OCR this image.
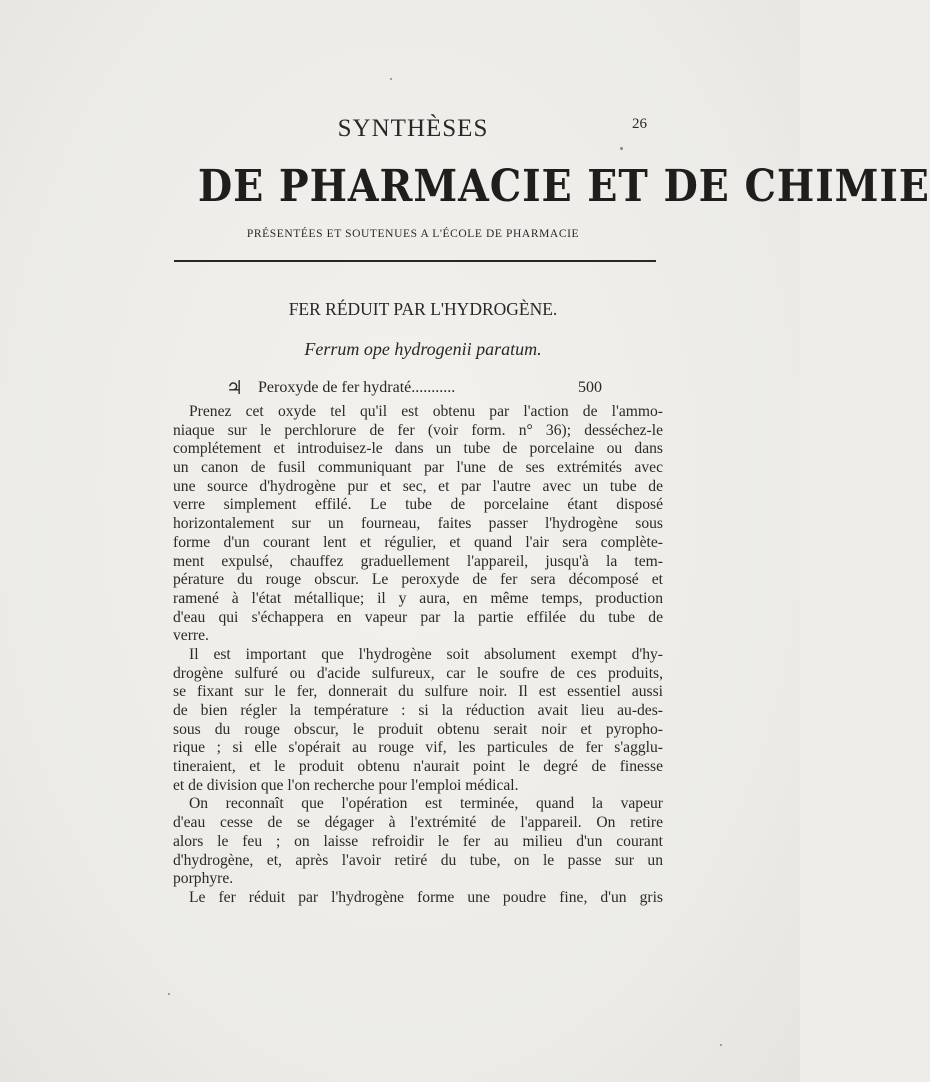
SYNTHÈSES	26
DE PHARMACIE ET DE CHIMIE
PRÉSENTÉES ET SOUTENUES A L'ÉCOLE DE PHARMACIE
FER RÉDUIT PAR L'HYDROGÈNE.
Ferrum ope hydrogenii paratum.
♃ Peroxyde de fer hydraté...........	500
Prenez cet oxyde tel qu'il est obtenu par l'action de l'ammo-
niaque sur le perchlorure de fer (voir form. n° 36); desséchez-le
complétement et introduisez-le dans un tube de porcelaine ou dans
un canon de fusil communiquant par l'une de ses extrémités avec
une source d'hydrogène pur et sec, et par l'autre avec un tube de
verre simplement effilé. Le tube de porcelaine étant disposé
horizontalement sur un fourneau, faites passer l'hydrogène sous
forme d'un courant lent et régulier, et quand l'air sera complète-
ment expulsé, chauffez graduellement l'appareil, jusqu'à la tem-
pérature du rouge obscur. Le peroxyde de fer sera décomposé et
ramené à l'état métallique; il y aura, en même temps, production
d'eau qui s'échappera en vapeur par la partie effilée du tube de
verre.
Il est important que l'hydrogène soit absolument exempt d'hy-
drogène sulfuré ou d'acide sulfureux, car le soufre de ces produits,
se fixant sur le fer, donnerait du sulfure noir. Il est essentiel aussi
de bien régler la température : si la réduction avait lieu au-des-
sous du rouge obscur, le produit obtenu serait noir et pyropho-
rique ; si elle s'opérait au rouge vif, les particules de fer s'agglu-
tineraient, et le produit obtenu n'aurait point le degré de finesse
et de division que l'on recherche pour l'emploi médical.
On reconnaît que l'opération est terminée, quand la vapeur
d'eau cesse de se dégager à l'extrémité de l'appareil. On retire
alors le feu ; on laisse refroidir le fer au milieu d'un courant
d'hydrogène, et, après l'avoir retiré du tube, on le passe sur un
porphyre.
Le fer réduit par l'hydrogène forme une poudre fine, d'un gris
